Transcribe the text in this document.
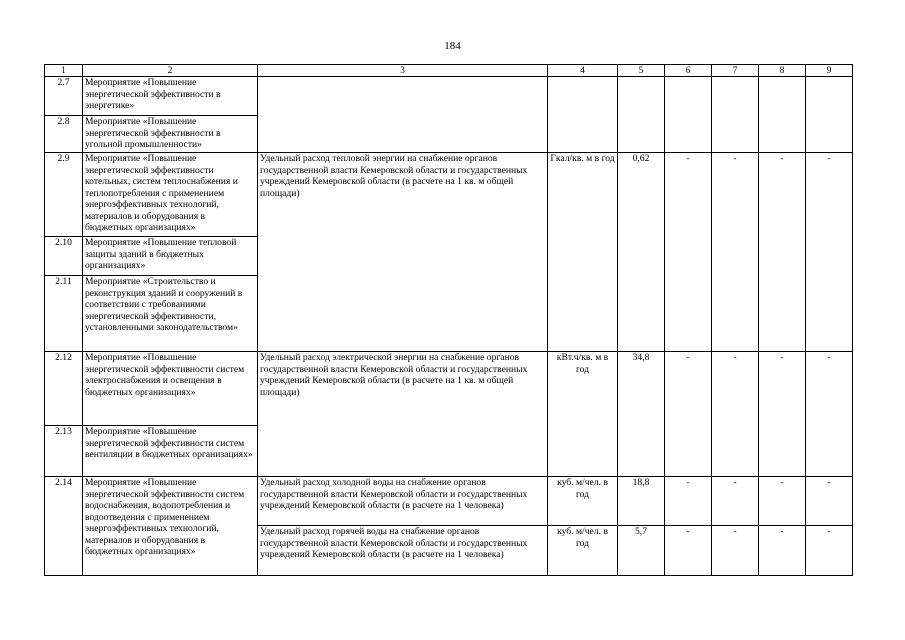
184
1	2	3	4	5	6	7	8	9
2.7	Мероприятие «Повышение энергетической эффективности в энергетике»							
2.8	Мероприятие «Повышение энергетической эффективности в угольной промышленности»							
2.9	Мероприятие «Повышение энергетической эффективности котельных, систем теплоснабжения и теплопотребления с применением энергоэффективных технологий, материалов и оборудования в бюджетных организациях»	Удельный расход тепловой энергии на снабжение органов государственной власти Кемеровской области и государственных учреждений Кемеровской области (в расчете на 1 кв. м общей площади)	Гкал/кв. м в год	0,62	-	-	-	-
2.10	Мероприятие «Повышение тепловой защиты зданий в бюджетных организациях»							
2.11	Мероприятие «Строительство и реконструкция зданий и сооружений в соответствии с требованиями энергетической эффективности, установленными законодательством»							
2.12	Мероприятие «Повышение энергетической эффективности систем электроснабжения и освещения в бюджетных организациях»	Удельный расход электрической энергии на снабжение органов государственной власти Кемеровской области и государственных учреждений Кемеровской области (в расчете на 1 кв. м общей площади)	кВт.ч/кв. м в год	34,8	-	-	-	-
2.13	Мероприятие «Повышение энергетической эффективности систем вентиляции в бюджетных организациях»							
2.14	Мероприятие «Повышение энергетической эффективности систем водоснабжения, водопотребления и водоотведения с применением энергоэффективных технологий, материалов и оборудования в бюджетных организациях»	Удельный расход холодной воды на снабжение органов государственной власти Кемеровской области и государственных учреждений Кемеровской области (в расчете на 1 человека)	куб. м/чел. в год	18,8	-	-	-	-
		Удельный расход горячей воды на снабжение органов государственной власти Кемеровской области и государственных учреждений Кемеровской области (в расчете на 1 человека)	куб. м/чел. в год	5,7	-	-	-	-
